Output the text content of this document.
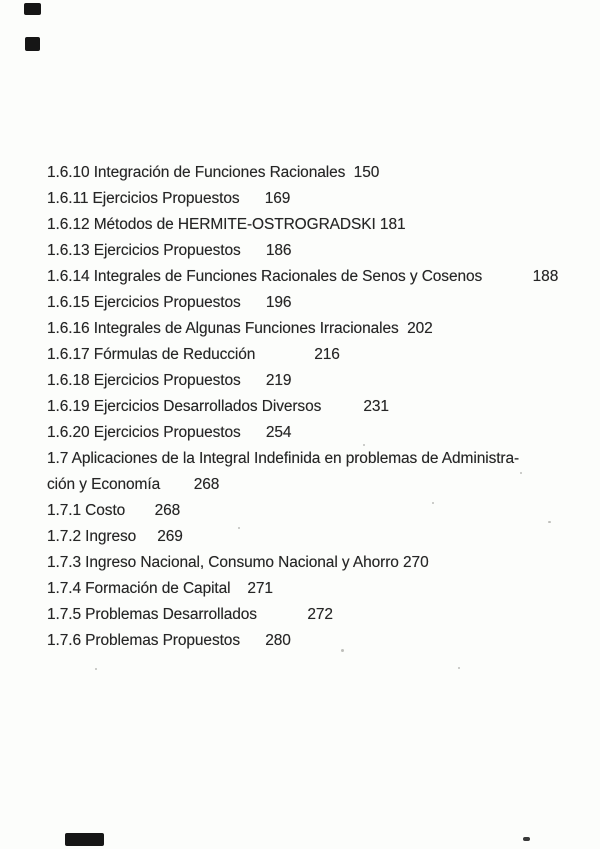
1.6.10 Integración de Funciones Racionales 150
1.6.11 Ejercicios Propuestos 169
1.6.12 Métodos de HERMITE-OSTROGRADSKI 181
1.6.13 Ejercicios Propuestos 186
1.6.14 Integrales de Funciones Racionales de Senos y Cosenos	188
1.6.15 Ejercicios Propuestos 196
1.6.16 Integrales de Algunas Funciones Irracionales 202
1.6.17 Fórmulas de Reducción	216
1.6.18 Ejercicios Propuestos 219
1.6.19 Ejercicios Desarrollados Diversos	231
1.6.20 Ejercicios Propuestos 254
1.7 Aplicaciones de la Integral Indefinida en problemas de Administra-
ción y Economía 268
1.7.1 Costo 268
1.7.2 Ingreso 269
1.7.3 Ingreso Nacional, Consumo Nacional y Ahorro 270
1.7.4 Formación de Capital 271
1.7.5 Problemas Desarrollados	272
1.7.6 Problemas Propuestos 280
